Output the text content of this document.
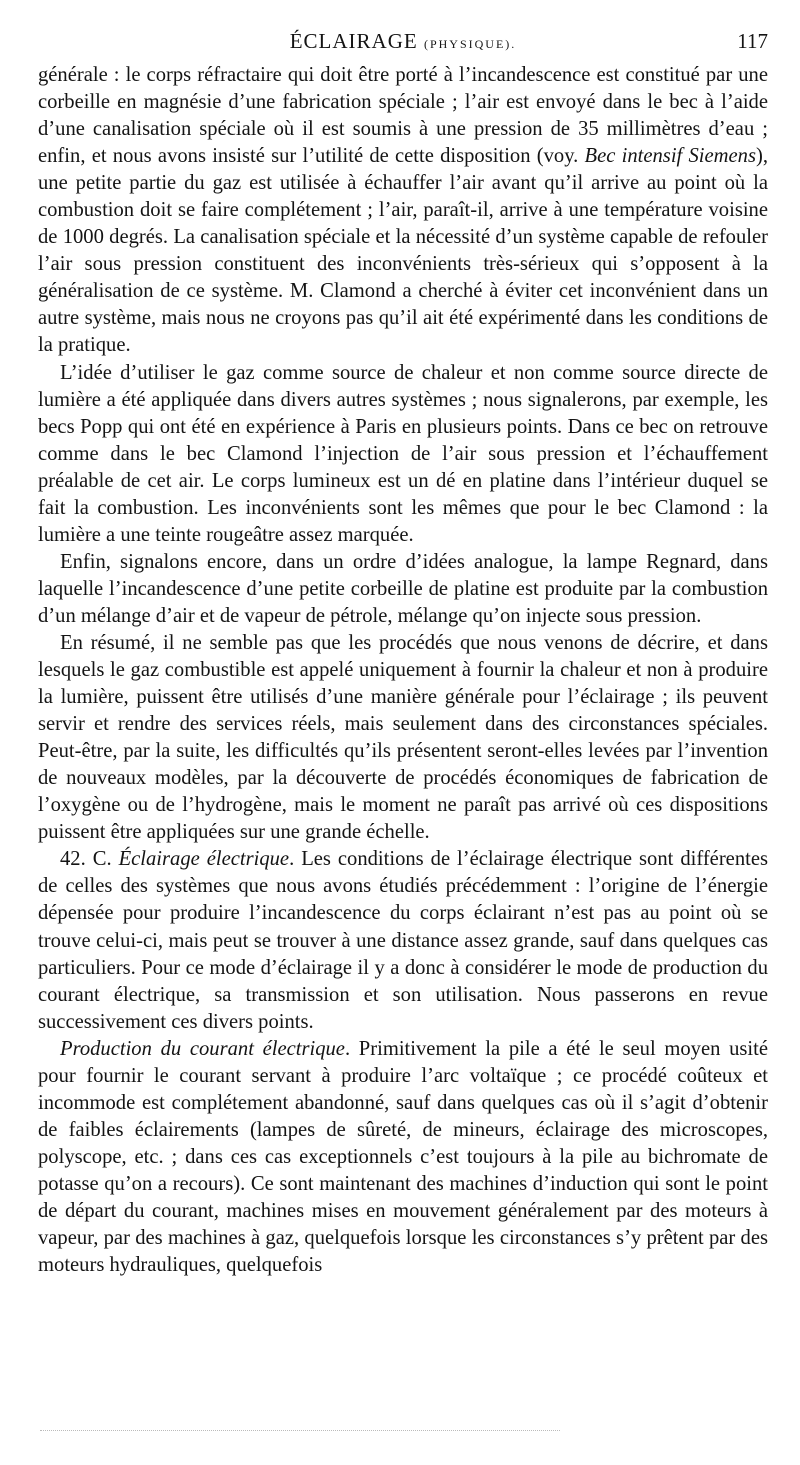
ÉCLAIRAGE (PHYSIQUE).	117

générale : le corps réfractaire qui doit être porté à l’incandescence est constitué par une corbeille en magnésie d’une fabrication spéciale ; l’air est envoyé dans le bec à l’aide d’une canalisation spéciale où il est soumis à une pression de 35 millimètres d’eau ; enfin, et nous avons insisté sur l’utilité de cette disposition (voy. Bec intensif Siemens), une petite partie du gaz est utilisée à échauffer l’air avant qu’il arrive au point où la combustion doit se faire complétement ; l’air, paraît-il, arrive à une température voisine de 1000 degrés. La canalisation spéciale et la nécessité d’un système capable de refouler l’air sous pression constituent des inconvénients très-sérieux qui s’opposent à la généralisation de ce système. M. Clamond a cherché à éviter cet inconvénient dans un autre système, mais nous ne croyons pas qu’il ait été expérimenté dans les conditions de la pratique.

L’idée d’utiliser le gaz comme source de chaleur et non comme source directe de lumière a été appliquée dans divers autres systèmes ; nous signalerons, par exemple, les becs Popp qui ont été en expérience à Paris en plusieurs points. Dans ce bec on retrouve comme dans le bec Clamond l’injection de l’air sous pression et l’échauffement préalable de cet air. Le corps lumineux est un dé en platine dans l’intérieur duquel se fait la combustion. Les inconvénients sont les mêmes que pour le bec Clamond : la lumière a une teinte rougeâtre assez marquée.

Enfin, signalons encore, dans un ordre d’idées analogue, la lampe Regnard, dans laquelle l’incandescence d’une petite corbeille de platine est produite par la combustion d’un mélange d’air et de vapeur de pétrole, mélange qu’on injecte sous pression.

En résumé, il ne semble pas que les procédés que nous venons de décrire, et dans lesquels le gaz combustible est appelé uniquement à fournir la chaleur et non à produire la lumière, puissent être utilisés d’une manière générale pour l’éclairage ; ils peuvent servir et rendre des services réels, mais seulement dans des circonstances spéciales. Peut-être, par la suite, les difficultés qu’ils présentent seront-elles levées par l’invention de nouveaux modèles, par la découverte de procédés économiques de fabrication de l’oxygène ou de l’hydrogène, mais le moment ne paraît pas arrivé où ces dispositions puissent être appliquées sur une grande échelle.

42. C. Éclairage électrique. Les conditions de l’éclairage électrique sont différentes de celles des systèmes que nous avons étudiés précédemment : l’origine de l’énergie dépensée pour produire l’incandescence du corps éclairant n’est pas au point où se trouve celui-ci, mais peut se trouver à une distance assez grande, sauf dans quelques cas particuliers. Pour ce mode d’éclairage il y a donc à considérer le mode de production du courant électrique, sa transmission et son utilisation. Nous passerons en revue successivement ces divers points.

Production du courant électrique. Primitivement la pile a été le seul moyen usité pour fournir le courant servant à produire l’arc voltaïque ; ce procédé coûteux et incommode est complétement abandonné, sauf dans quelques cas où il s’agit d’obtenir de faibles éclairements (lampes de sûreté, de mineurs, éclairage des microscopes, polyscope, etc. ; dans ces cas exceptionnels c’est toujours à la pile au bichromate de potasse qu’on a recours). Ce sont maintenant des machines d’induction qui sont le point de départ du courant, machines mises en mouvement généralement par des moteurs à vapeur, par des machines à gaz, quelquefois lorsque les circonstances s’y prêtent par des moteurs hydrauliques, quelquefois
